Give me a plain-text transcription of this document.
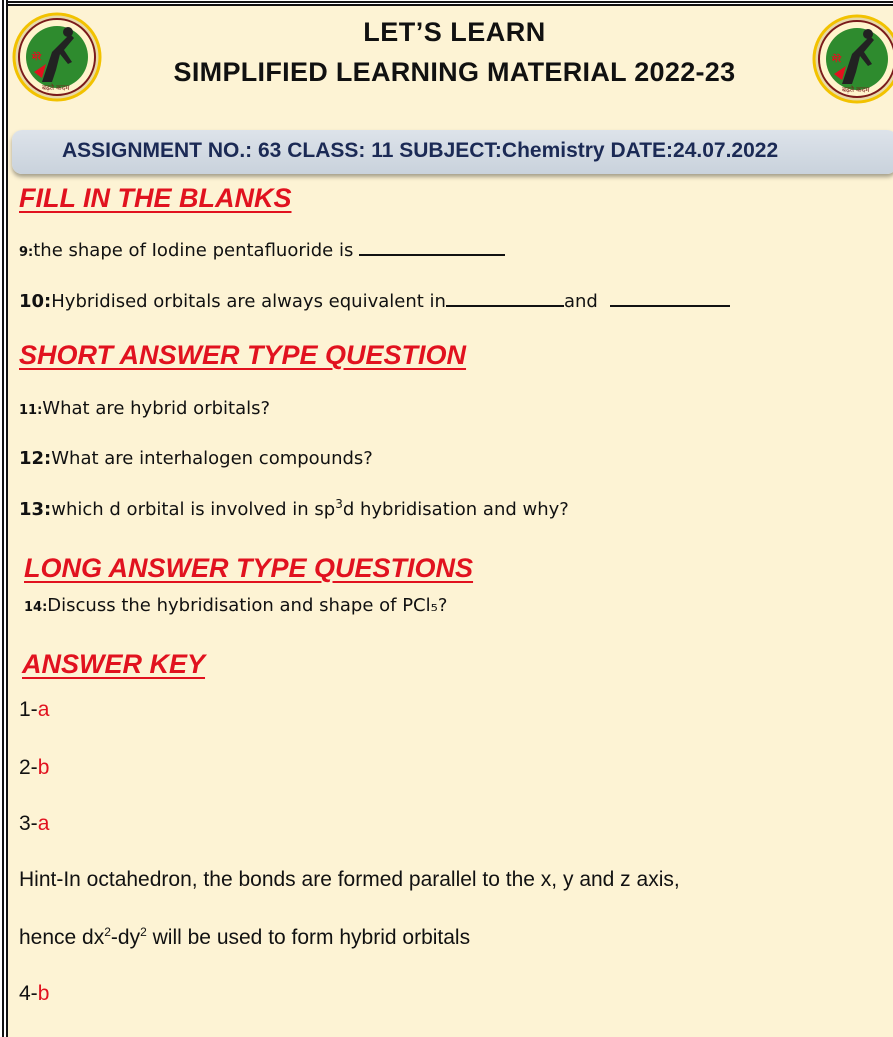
मेरे
बढ़ते कदम
मेरे
बढ़ते कदम
LET’S LEARN
SIMPLIFIED LEARNING MATERIAL 2022-23
ASSIGNMENT NO.: 63 CLASS: 11 SUBJECT:Chemistry DATE:24.07.2022
FILL IN THE BLANKS
9:the shape of Iodine pentafluoride is
10:Hybridised orbitals are always equivalent in	and
SHORT ANSWER TYPE QUESTION
11:What are hybrid orbitals?
12:What are interhalogen compounds?
13:which d orbital is involved in $sp^3d$ hybridisation and why?
LONG ANSWER TYPE QUESTIONS
14:Discuss the hybridisation and shape of PCl₅?
ANSWER KEY
1-a
2-b
3-a
Hint-In octahedron, the bonds are formed parallel to the x, y and z axis,
hence $dx^2-dy^2$ will be used to form hybrid orbitals
4-b
